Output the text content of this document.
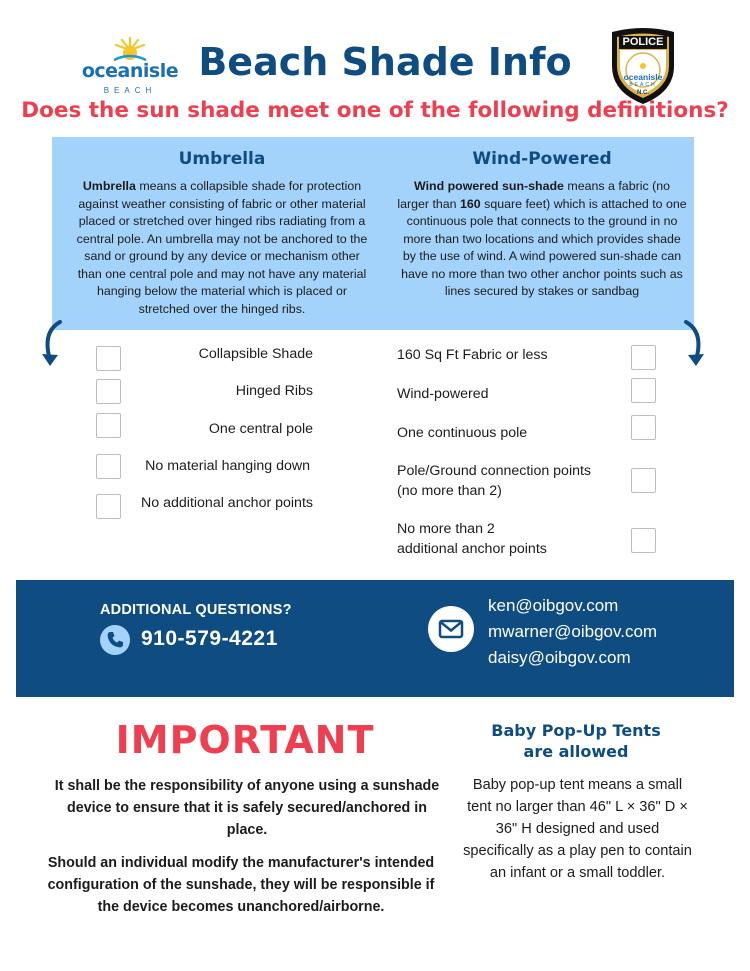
oceanisle
BEACH
Beach Shade Info	POLICE
oceanisle
BEACH
N.C.
Does the sun shade meet one of the following definitions?
Umbrella
Umbrella means a collapsible shade for protection against weather consisting of fabric or other material placed or stretched over hinged ribs radiating from a central pole. An umbrella may not be anchored to the sand or ground by any device or mechanism other than one central pole and may not have any material hanging below the material which is placed or stretched over the hinged ribs.
Wind-Powered
Wind powered sun-shade means a fabric (no larger than 160 square feet) which is attached to one continuous pole that connects to the ground in no more than two locations and which provides shade by the use of wind. A wind powered sun-shade can have no more than two other anchor points such as lines secured by stakes or sandbag
Collapsible Shade
Hinged Ribs
One central pole
No material hanging down
No additional anchor points
160 Sq Ft Fabric or less
Wind-powered
One continuous pole
Pole/Ground connection points
(no more than 2)
No more than 2
additional anchor points
ADDITIONAL QUESTIONS?
910-579-4221
ken@oibgov.com
mwarner@oibgov.com
daisy@oibgov.com
IMPORTANT
It shall be the responsibility of anyone using a sunshade device to ensure that it is safely secured/anchored in place.
Should an individual modify the manufacturer's intended configuration of the sunshade, they will be responsible if the device becomes unanchored/airborne.
Baby Pop-Up Tents
are allowed
Baby pop-up tent means a small tent no larger than 46" L × 36" D × 36" H designed and used specifically as a play pen to contain an infant or a small toddler.
